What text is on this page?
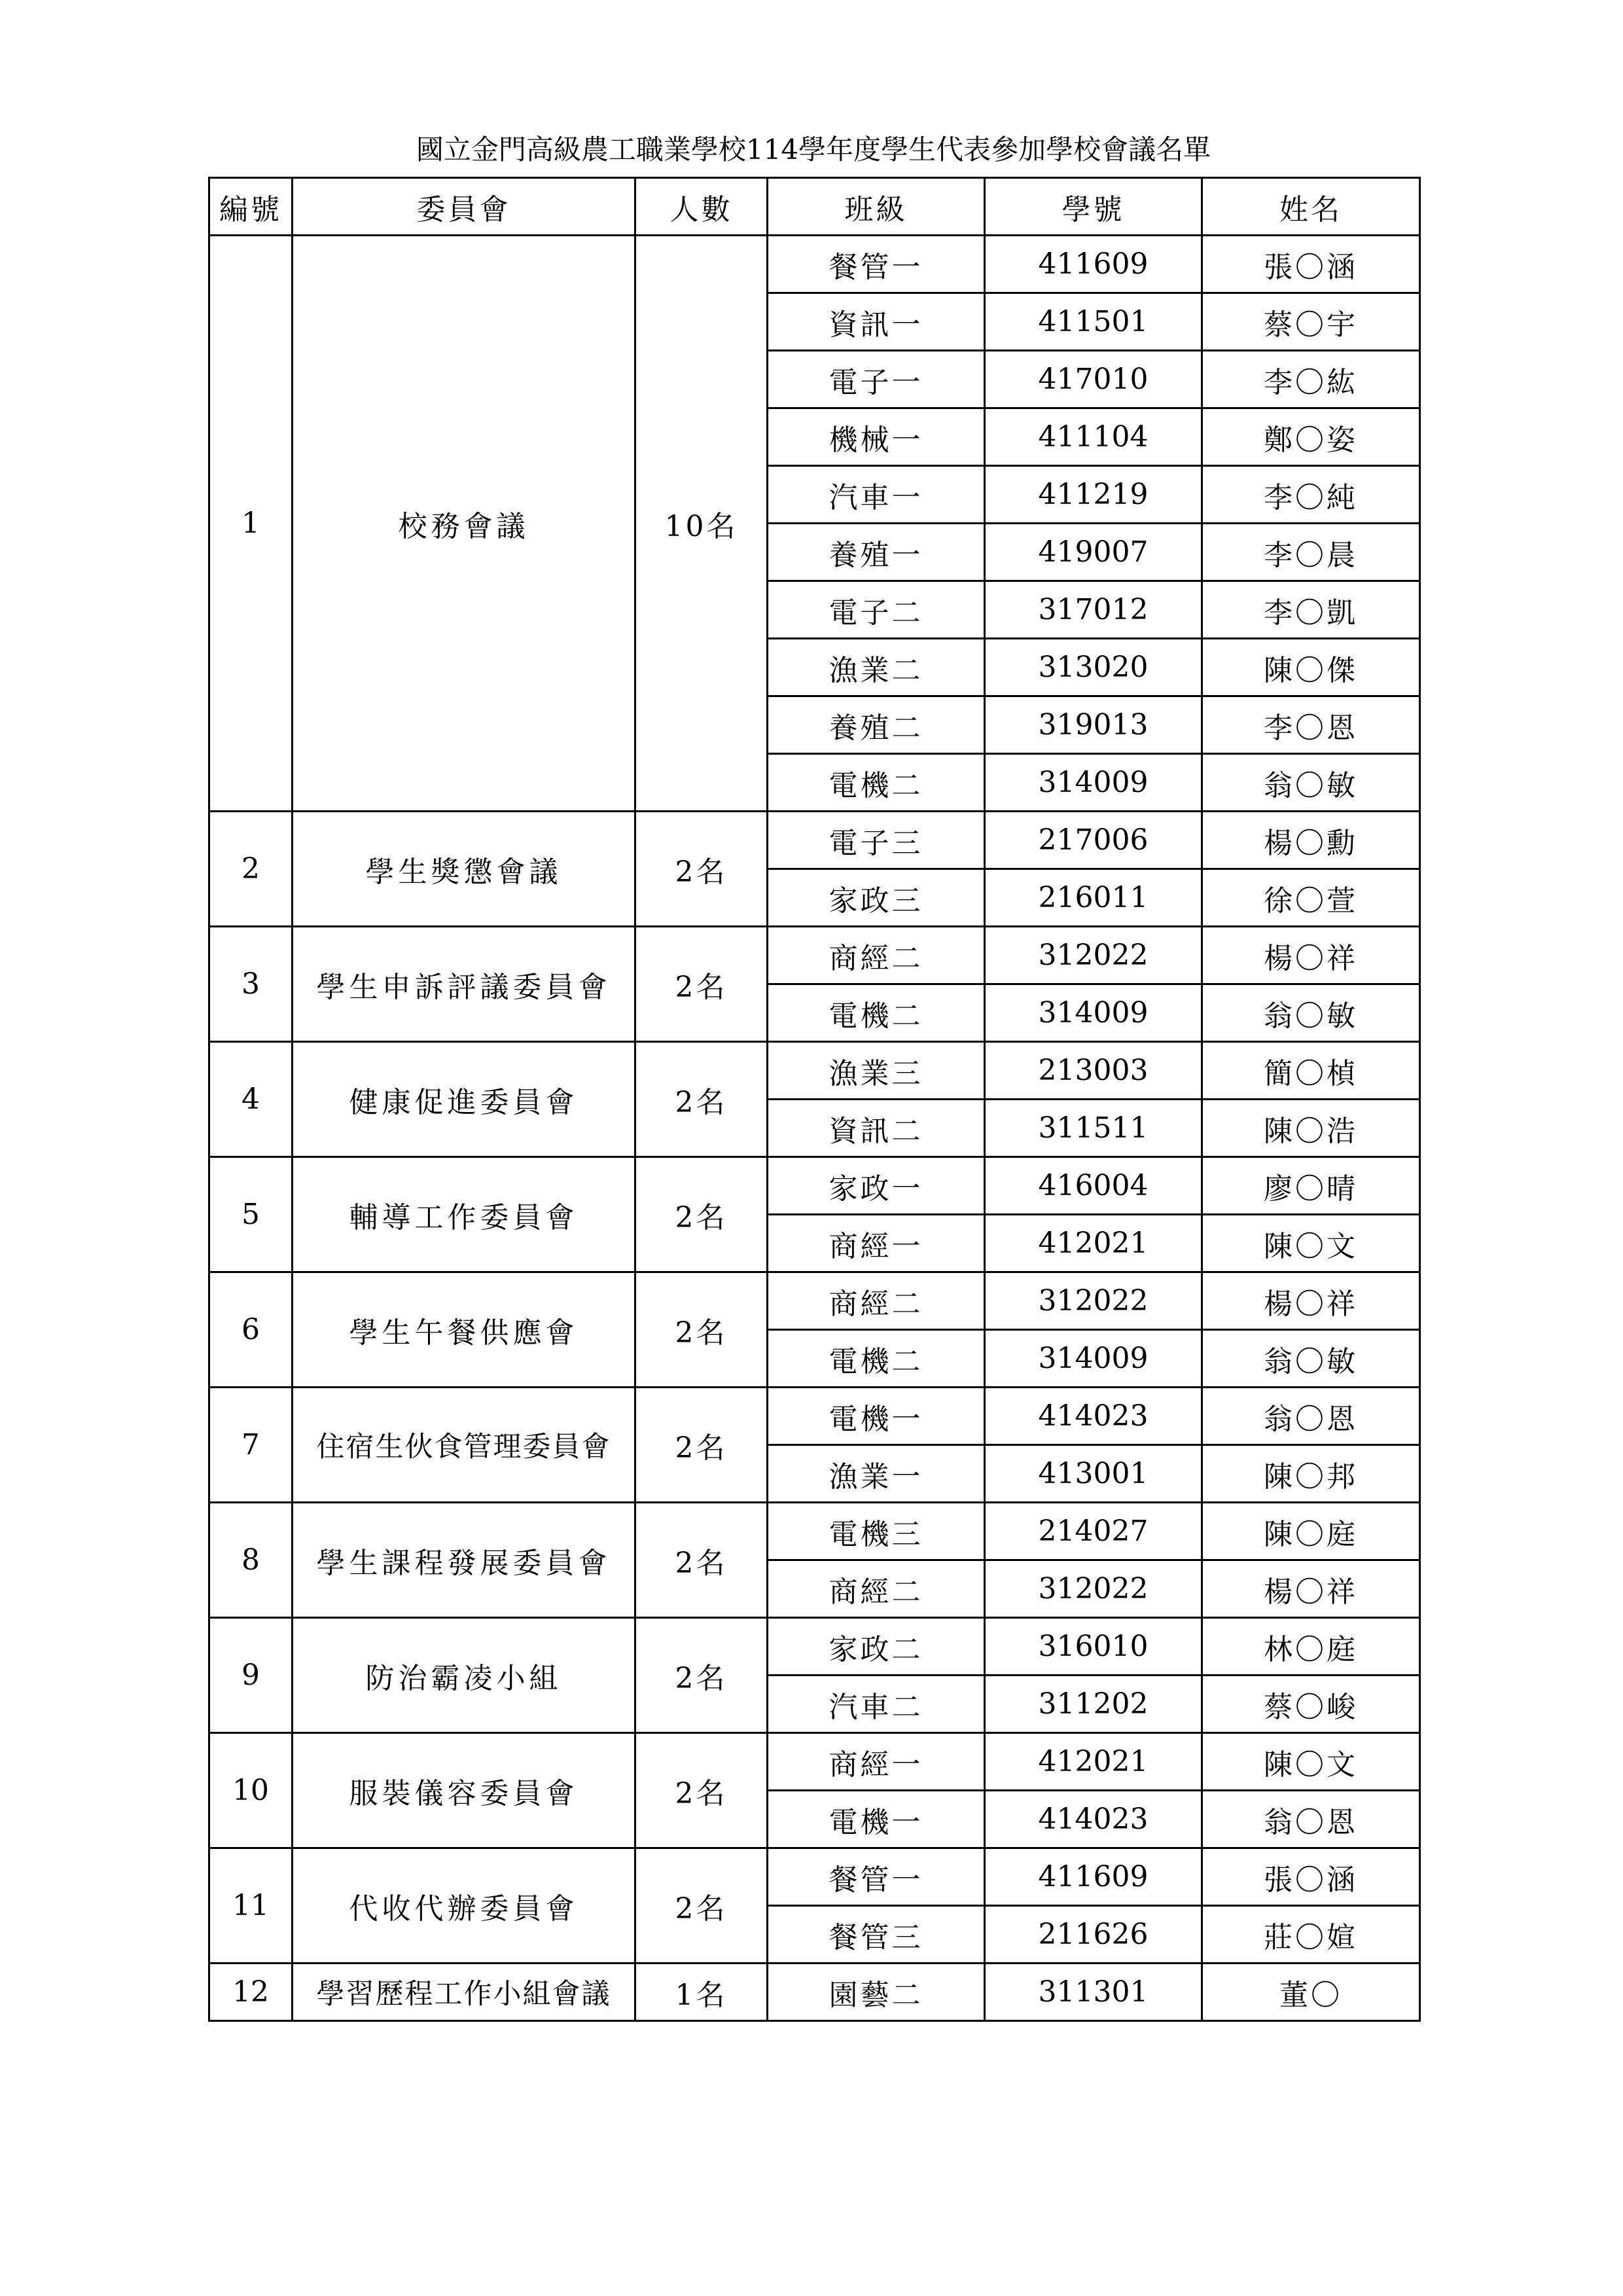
國立金門高級農工職業學校114學年度學生代表參加學校會議名單
編號	委員會	人數	班級	學號	姓名
1	校務會議	10名	餐管一	411609	張〇涵
			資訊一	411501	蔡〇宇
			電子一	417010	李〇紘
			機械一	411104	鄭〇姿
			汽車一	411219	李〇純
			養殖一	419007	李〇晨
			電子二	317012	李〇凱
			漁業二	313020	陳〇傑
			養殖二	319013	李〇恩
			電機二	314009	翁〇敏
2	學生獎懲會議	2名	電子三	217006	楊〇勳
			家政三	216011	徐〇萱
3	學生申訴評議委員會	2名	商經二	312022	楊〇祥
			電機二	314009	翁〇敏
4	健康促進委員會	2名	漁業三	213003	簡〇楨
			資訊二	311511	陳〇浩
5	輔導工作委員會	2名	家政一	416004	廖〇晴
			商經一	412021	陳〇文
6	學生午餐供應會	2名	商經二	312022	楊〇祥
			電機二	314009	翁〇敏
7	住宿生伙食管理委員會	2名	電機一	414023	翁〇恩
			漁業一	413001	陳〇邦
8	學生課程發展委員會	2名	電機三	214027	陳〇庭
			商經二	312022	楊〇祥
9	防治霸凌小組	2名	家政二	316010	林〇庭
			汽車二	311202	蔡〇峻
10	服裝儀容委員會	2名	商經一	412021	陳〇文
			電機一	414023	翁〇恩
11	代收代辦委員會	2名	餐管一	411609	張〇涵
			餐管三	211626	莊〇媗
12	學習歷程工作小組會議	1名	園藝二	311301	董〇
